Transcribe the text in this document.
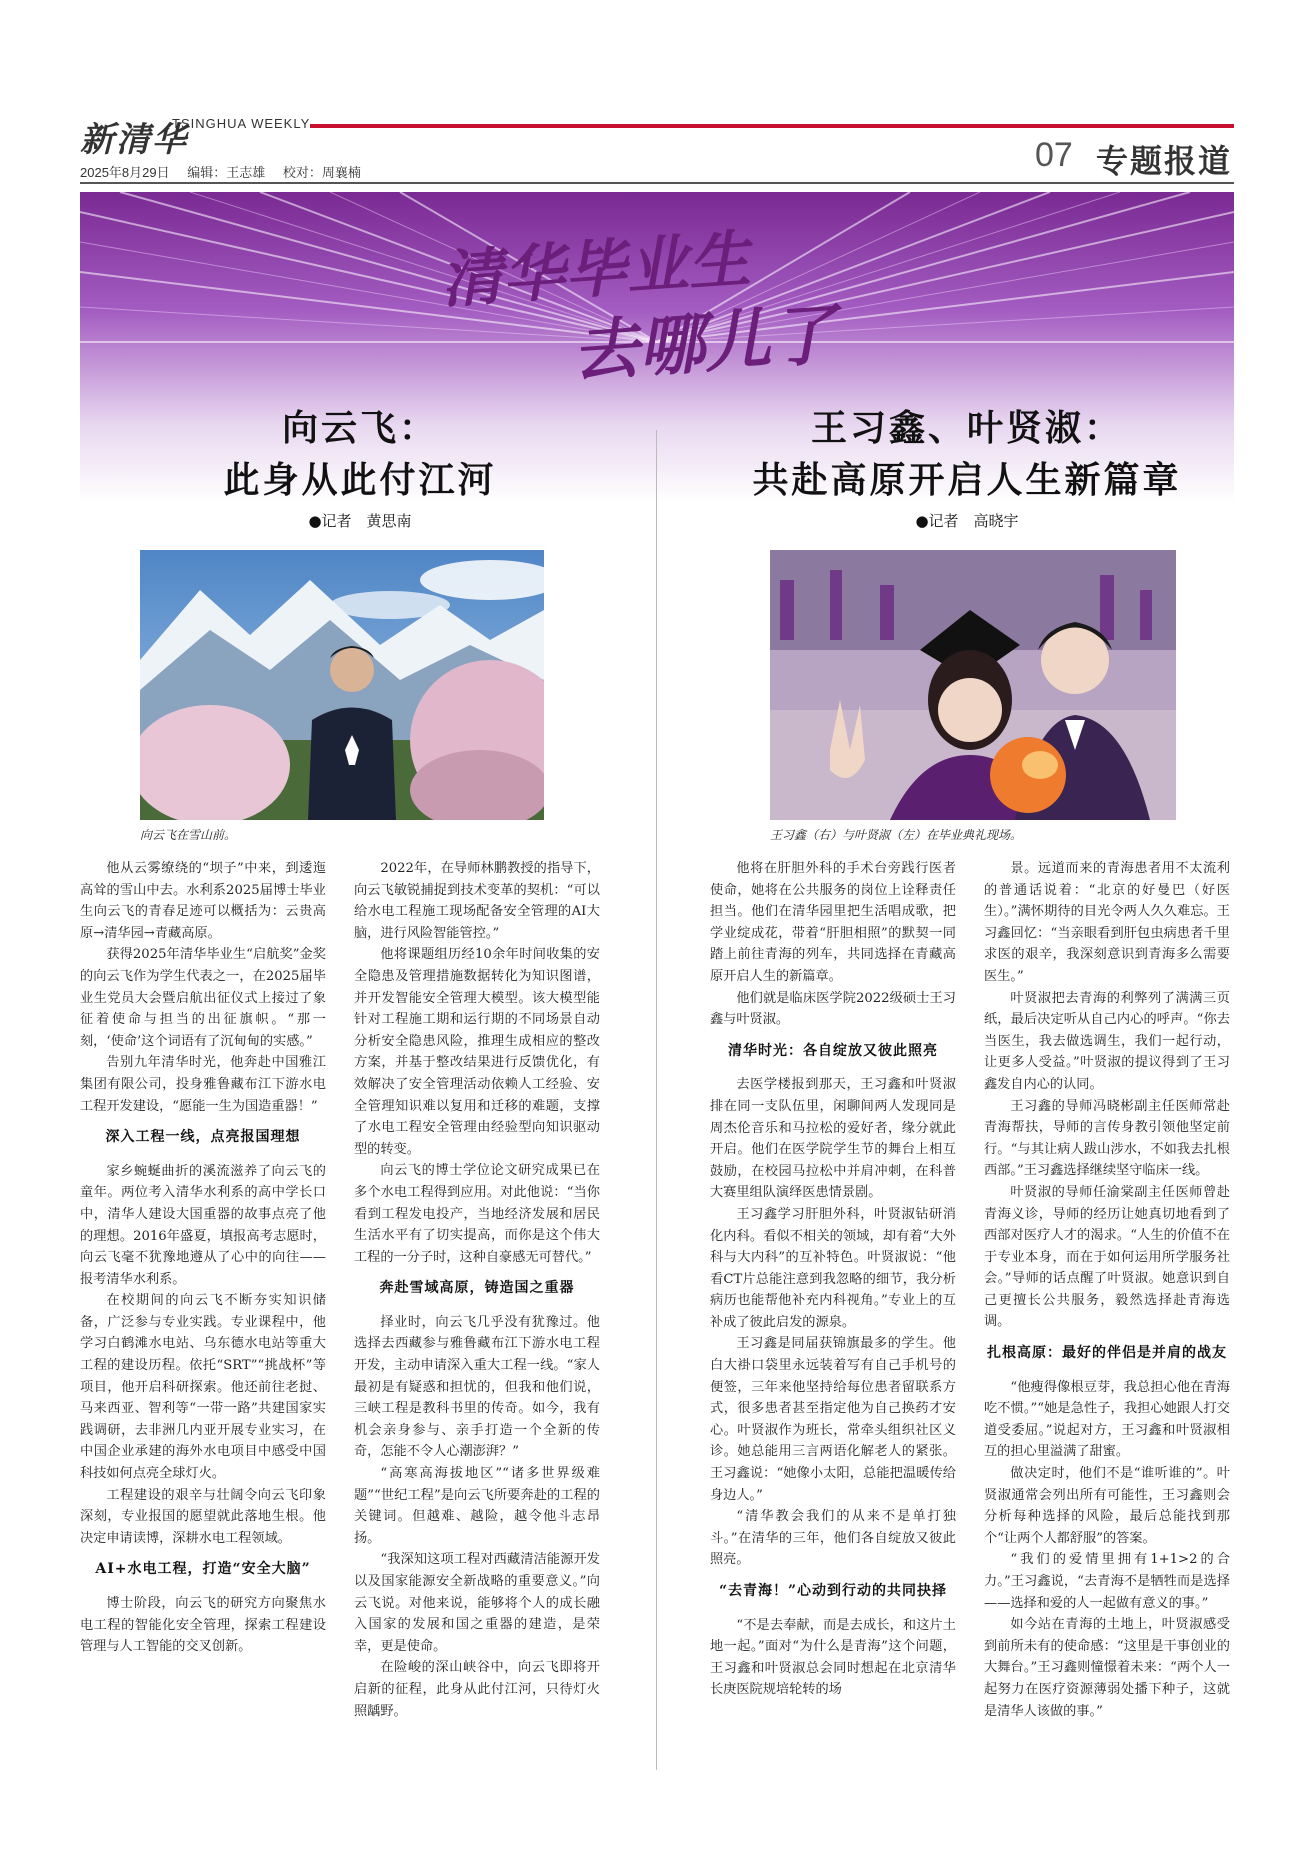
新清华
TSINGHUA WEEKLY
2025年8月29日 编辑：王志雄 校对：周襄楠	07 专题报道
清华毕业生
去哪儿了
向云飞：
此身从此付江河
●记者　黄思南
向云飞在雪山前。

他从云雾缭绕的“坝子”中来，到逶迤高耸的雪山中去。水利系2025届博士毕业生向云飞的青春足迹可以概括为：云贵高原→清华园→青藏高原。

获得2025年清华毕业生“启航奖”金奖的向云飞作为学生代表之一，在2025届毕业生党员大会暨启航出征仪式上接过了象征着使命与担当的出征旗帜。“那一刻，‘使命’这个词语有了沉甸甸的实感。”

告别九年清华时光，他奔赴中国雅江集团有限公司，投身雅鲁藏布江下游水电工程开发建设，“愿能一生为国造重器！”

深入工程一线，点亮报国理想

家乡蜿蜒曲折的溪流滋养了向云飞的童年。两位考入清华水利系的高中学长口中，清华人建设大国重器的故事点亮了他的理想。2016年盛夏，填报高考志愿时，向云飞毫不犹豫地遵从了心中的向往——报考清华水利系。

在校期间的向云飞不断夯实知识储备，广泛参与专业实践。专业课程中，他学习白鹤滩水电站、乌东德水电站等重大工程的建设历程。依托“SRT”“挑战杯”等项目，他开启科研探索。他还前往老挝、马来西亚、智利等“一带一路”共建国家实践调研，去非洲几内亚开展专业实习，在中国企业承建的海外水电项目中感受中国科技如何点亮全球灯火。

工程建设的艰辛与壮阔令向云飞印象深刻，专业报国的愿望就此落地生根。他决定申请读博，深耕水电工程领域。

AI+水电工程，打造“安全大脑”

博士阶段，向云飞的研究方向聚焦水电工程的智能化安全管理，探索工程建设管理与人工智能的交叉创新。

2022年，在导师林鹏教授的指导下，向云飞敏锐捕捉到技术变革的契机：“可以给水电工程施工现场配备安全管理的AI大脑，进行风险智能管控。”

他将课题组历经10余年时间收集的安全隐患及管理措施数据转化为知识图谱，并开发智能安全管理大模型。该大模型能针对工程施工期和运行期的不同场景自动分析安全隐患风险，推理生成相应的整改方案，并基于整改结果进行反馈优化，有效解决了安全管理活动依赖人工经验、安全管理知识难以复用和迁移的难题，支撑了水电工程安全管理由经验型向知识驱动型的转变。

向云飞的博士学位论文研究成果已在多个水电工程得到应用。对此他说：“当你看到工程发电投产，当地经济发展和居民生活水平有了切实提高，而你是这个伟大工程的一分子时，这种自豪感无可替代。”

奔赴雪域高原，铸造国之重器

择业时，向云飞几乎没有犹豫过。他选择去西藏参与雅鲁藏布江下游水电工程开发，主动申请深入重大工程一线。“家人最初是有疑惑和担忧的，但我和他们说，三峡工程是教科书里的传奇。如今，我有机会亲身参与、亲手打造一个全新的传奇，怎能不令人心潮澎湃？”

“高寒高海拔地区”“诸多世界级难题”“世纪工程”是向云飞所要奔赴的工程的关键词。但越难、越险，越令他斗志昂扬。

“我深知这项工程对西藏清洁能源开发以及国家能源安全新战略的重要意义。”向云飞说。对他来说，能够将个人的成长融入国家的发展和国之重器的建造，是荣幸，更是使命。

在险峻的深山峡谷中，向云飞即将开启新的征程，此身从此付江河，只待灯火照龋野。

王习鑫、叶贤淑：
共赴高原开启人生新篇章
●记者　高晓宇
王习鑫（右）与叶贤淑（左）在毕业典礼现场。

他将在肝胆外科的手术台旁践行医者使命，她将在公共服务的岗位上诠释责任担当。他们在清华园里把生活唱成歌，把学业绽成花，带着“肝胆相照”的默契一同踏上前往青海的列车，共同选择在青藏高原开启人生的新篇章。

他们就是临床医学院2022级硕士王习鑫与叶贤淑。

清华时光：各自绽放又彼此照亮

去医学楼报到那天，王习鑫和叶贤淑排在同一支队伍里，闲聊间两人发现同是周杰伦音乐和马拉松的爱好者，缘分就此开启。他们在医学院学生节的舞台上相互鼓励，在校园马拉松中并肩冲刺，在科普大赛里组队演绎医患情景剧。

王习鑫学习肝胆外科，叶贤淑钻研消化内科。看似不相关的领域，却有着“大外科与大内科”的互补特色。叶贤淑说：“他看CT片总能注意到我忽略的细节，我分析病历也能帮他补充内科视角。”专业上的互补成了彼此启发的源泉。

王习鑫是同届获锦旗最多的学生。他白大褂口袋里永远装着写有自己手机号的便签，三年来他坚持给每位患者留联系方式，很多患者甚至指定他为自己换药才安心。叶贤淑作为班长，常牵头组织社区义诊。她总能用三言两语化解老人的紧张。王习鑫说：“她像小太阳，总能把温暖传给身边人。”

“清华教会我们的从来不是单打独斗。”在清华的三年，他们各自绽放又彼此照亮。

“去青海！”心动到行动的共同抉择

“不是去奉献，而是去成长，和这片土地一起。”面对“为什么是青海”这个问题，王习鑫和叶贤淑总会同时想起在北京清华长庚医院规培轮转的场

景。远道而来的青海患者用不太流利的普通话说着：“北京的好曼巴（好医生）。”满怀期待的目光令两人久久难忘。王习鑫回忆：“当亲眼看到肝包虫病患者千里求医的艰辛，我深刻意识到青海多么需要医生。”

叶贤淑把去青海的利弊列了满满三页纸，最后决定听从自己内心的呼声。“你去当医生，我去做选调生，我们一起行动，让更多人受益。”叶贤淑的提议得到了王习鑫发自内心的认同。

王习鑫的导师冯晓彬副主任医师常赴青海帮扶，导师的言传身教引领他坚定前行。“与其让病人跋山涉水，不如我去扎根西部。”王习鑫选择继续坚守临床一线。

叶贤淑的导师任渝棠副主任医师曾赴青海义诊，导师的经历让她真切地看到了西部对医疗人才的渴求。“人生的价值不在于专业本身，而在于如何运用所学服务社会。”导师的话点醒了叶贤淑。她意识到自己更擅长公共服务，毅然选择赴青海选调。

扎根高原：最好的伴侣是并肩的战友

“他瘦得像根豆芽，我总担心他在青海吃不惯。”“她是急性子，我担心她跟人打交道受委屈。”说起对方，王习鑫和叶贤淑相互的担心里溢满了甜蜜。

做决定时，他们不是“谁听谁的”。叶贤淑通常会列出所有可能性，王习鑫则会分析每种选择的风险，最后总能找到那个“让两个人都舒服”的答案。

“我们的爱情里拥有1+1>2的合力。”王习鑫说，“去青海不是牺牲而是选择——选择和爱的人一起做有意义的事。”

如今站在青海的土地上，叶贤淑感受到前所未有的使命感：“这里是干事创业的大舞台。”王习鑫则憧憬着未来：“两个人一起努力在医疗资源薄弱处播下种子，这就是清华人该做的事。”
